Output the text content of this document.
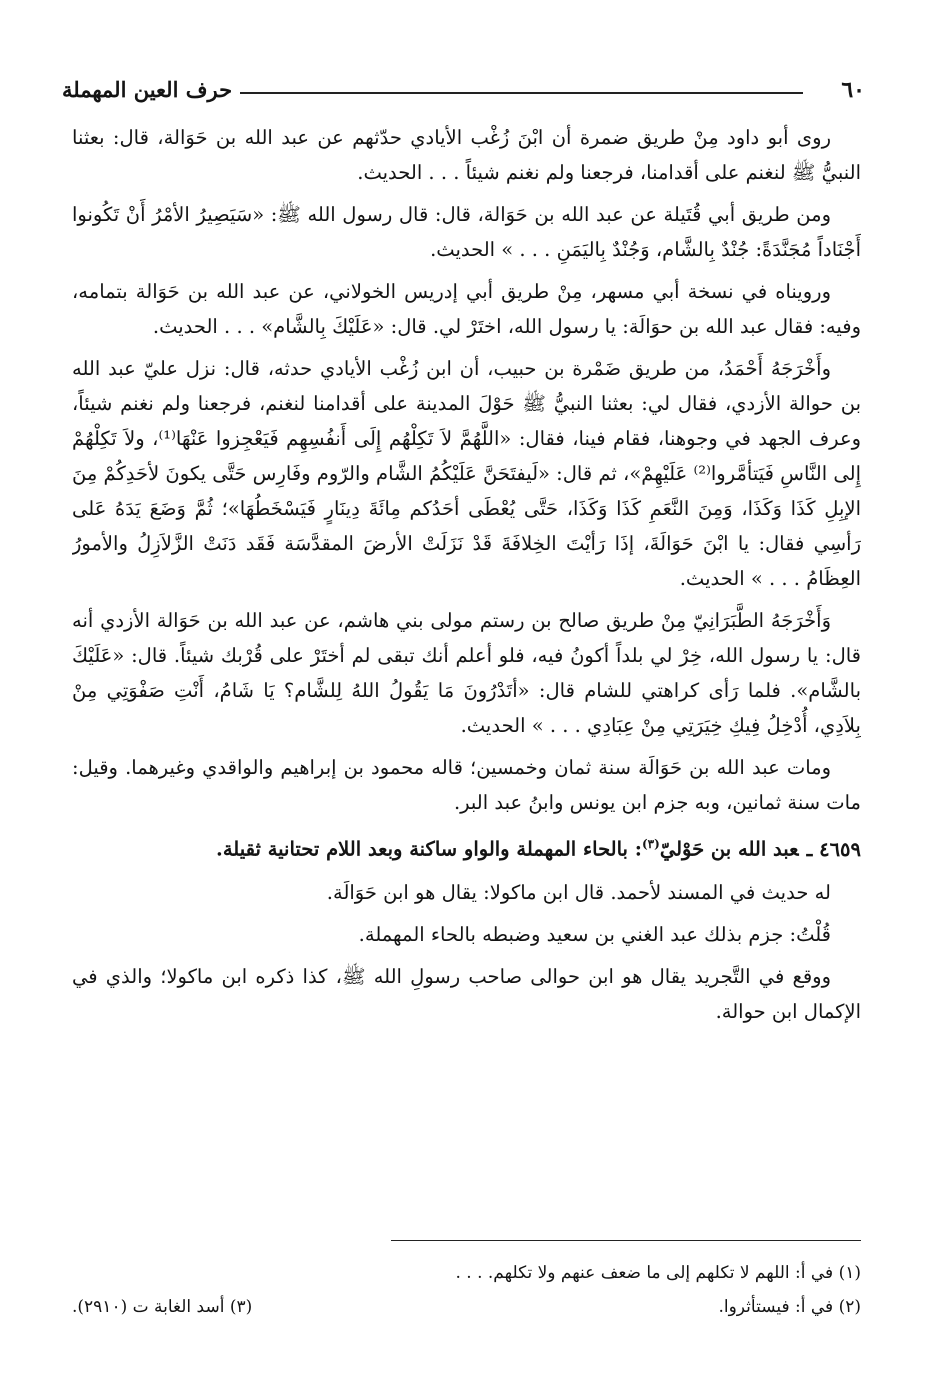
٦٠
حرف العين المهملة

روى أبو داود مِنْ طريق ضمرة أن ابْنَ زُغْب الأيادي حدّثهم عن عبد الله بن حَوَالة، قال: بعثنا النبيُّ ﷺ لنغنم على أقدامنا، فرجعنا ولم نغنم شيئاً . . . الحديث.

ومن طريق أبي قُتَيلة عن عبد الله بن حَوَالة، قال: قال رسول الله ﷺ: «سَيَصِيرُ الأمْرُ أَنْ تَكُونوا أَجْنَاداً مُجَنَّدَةً: جُنْدٌ بِالشَّام، وَجُنْدٌ بِاليَمَنِ . . . » الحديث.

ورويناه في نسخة أبي مسهر، مِنْ طريق أبي إدريس الخولاني، عن عبد الله بن حَوَالة بتمامه، وفيه: فقال عبد الله بن حوَالَة: يا رسول الله، اختَرْ لي. قال: «عَلَيْكَ بِالشَّام» . . . الحديث.

وأَخْرَجَهُ أَحْمَدُ، من طريق ضَمْرة بن حبيب، أن ابن زُغْب الأيادي حدثه، قال: نزل عليّ عبد الله بن حوالة الأزدي، فقال لي: بعثنا النبيُّ ﷺ حَوْلَ المدينة على أقدامنا لنغنم، فرجعنا ولم نغنم شيئاً، وعرف الجهد في وجوهنا، فقام فينا، فقال: «اللَّهُمَّ لاَ تَكِلْهُم إِلَى أَنفُسِهِم فَيَعْجِزوا عَنْهَا⁽¹⁾، ولاَ تَكِلْهُمْ إِلى النَّاسِ فَيَتأمَّروا⁽²⁾ عَلَيْهِمْ»، ثم قال: «لَيفتَحَنَّ عَلَيْكُمُ الشَّام والرّوم وفَارِس حَتَّى يكونَ لأحَدِكُمْ مِنَ الإبِلِ كَذَا وَكَذَا، وَمِنَ النَّعَمِ كَذَا وَكَذَا، حَتَّى يُعْطَى أحَدُكم مِائَةَ دِينَارٍ فَيَسْخَطُهَا»؛ ثُمَّ وَضَعَ يَدَهُ عَلى رَأسِي فقال: يا ابْنَ حَوَالَةَ، إذَا رَأيْتَ الخِلافَةَ قَدْ نَزَلَتْ الأرضَ المقدَّسَة فَقَد دَنَتْ الزَّلاَزِلُ والأمورُ العِظَامُ . . . » الحديث.

وَأَخْرَجَهُ الطَّبَرَانِيّ مِنْ طريق صالح بن رستم مولى بني هاشم، عن عبد الله بن حَوَالة الأزدي أنه قال: يا رسول الله، خِرْ لي بلداً أكونُ فيه، فلو أعلم أنك تبقى لم أختَرْ على قُرْبك شيئاً. قال: «عَلَيْكَ بالشَّام». فلما رَأى كراهتي للشام قال: «أتَدْرُونَ مَا يَقُولُ اللهُ لِلشَّام؟ يَا شَامُ، أَنْتِ صَفْوَتِي مِنْ بِلاَدِي، أُدْخِلُ فِيكِ خِيَرَتِي مِنْ عِبَادِي . . . » الحديث.

ومات عبد الله بن حَوَالَة سنة ثمان وخمسين؛ قاله محمود بن إبراهيم والواقدي وغيرهما. وقيل: مات سنة ثمانين، وبه جزم ابن يونس وابنُ عبد البر.

٤٦٥٩ ـعبد الله بن حَوْليّ$^{(٣)}$: بالحاء المهملة والواو ساكنة وبعد اللام تحتانية ثقيلة.

له حديث في المسند لأحمد. قال ابن ماكولا: يقال هو ابن حَوَالَة.

قُلْتُ: جزم بذلك عبد الغني بن سعيد وضبطه بالحاء المهملة.

ووقع في التَّجريد يقال هو ابن حوالى صاحب رسولِ الله ﷺ، كذا ذكره ابن ماكولا؛ والذي في الإكمال ابن حوالة.

(١) في أ: اللهم لا تكلهم إلى ما ضعف عنهم ولا تكلهم. . . .
(٢) في أ: فيستأثروا.
(٣) أسد الغابة ت (٢٩١٠).
